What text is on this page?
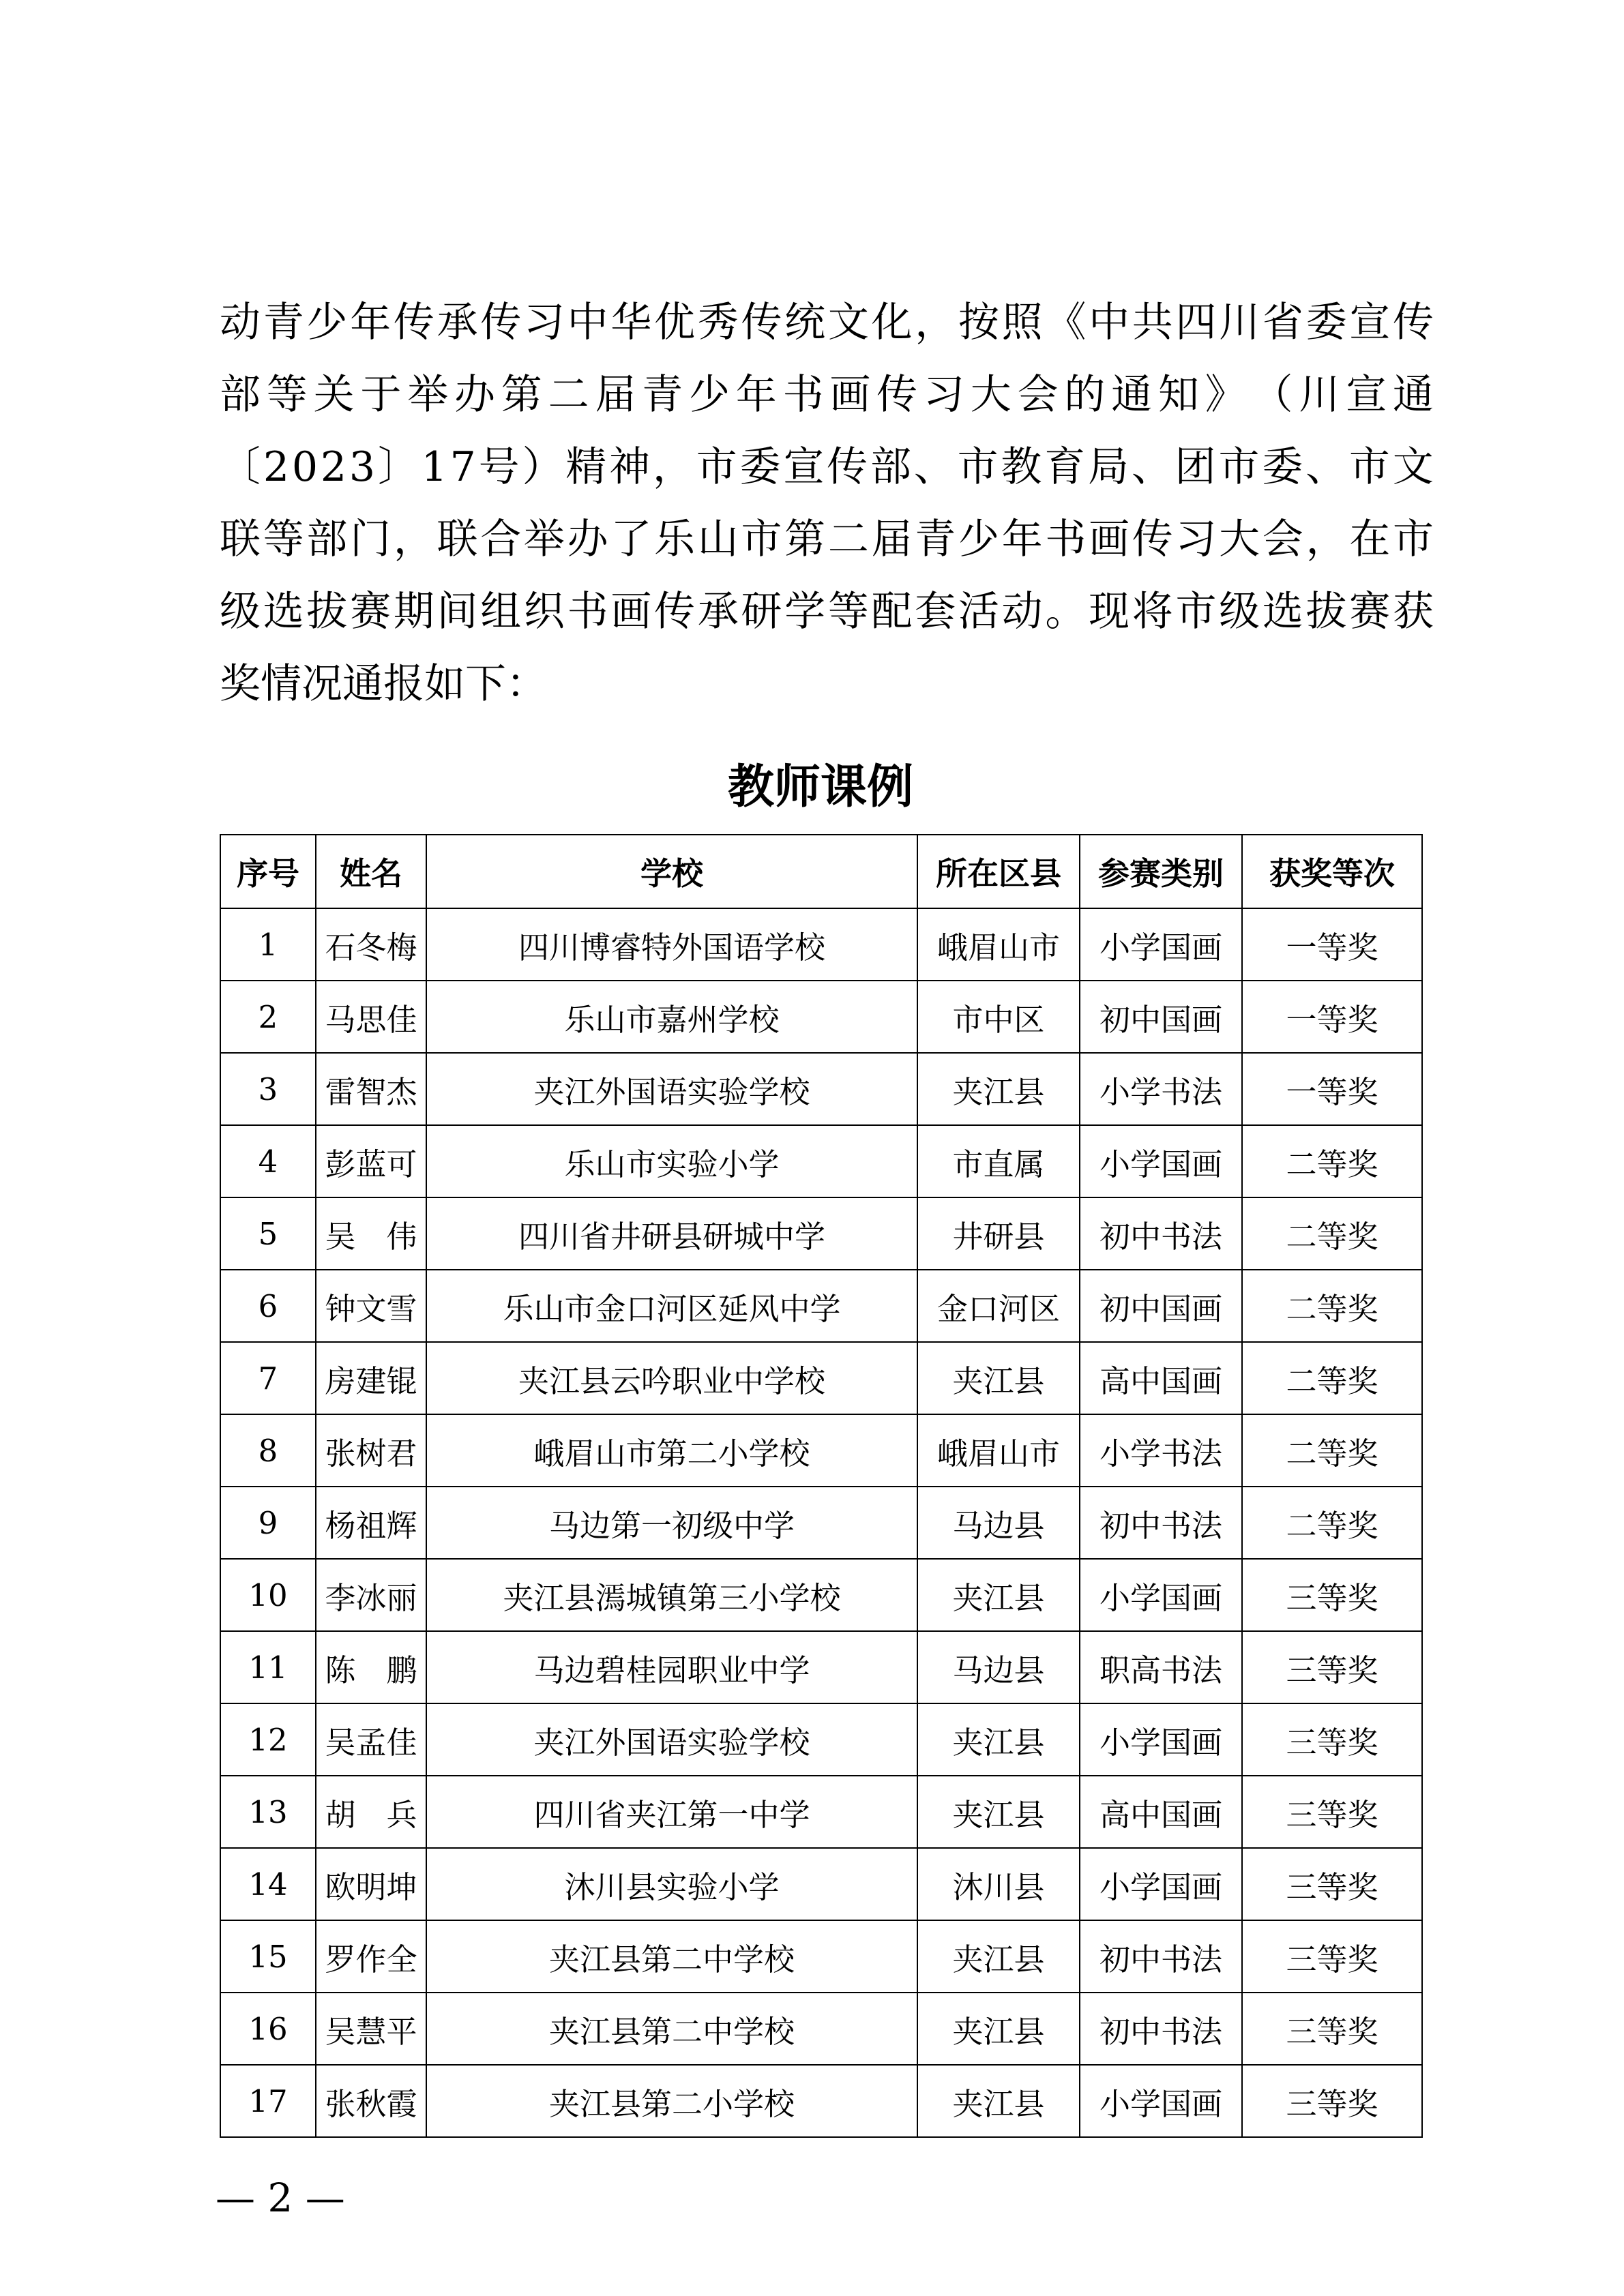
动 青 少 年 传 承 传 习 中 华 优 秀 传 统 文 化 ， 按 照 《 中 共 四 川 省 委 宣 传
部 等 关 于 举 办 第 二 届 青 少 年 书 画 传 习 大 会 的 通 知 》 （ 川 宣 通
〔 2 0 2 3 〕 1 7 号 ） 精 神 ， 市 委 宣 传 部 、 市 教 育 局 、 团 市 委 、 市 文
联 等 部 门 ， 联 合 举 办 了 乐 山 市 第 二 届 青 少 年 书 画 传 习 大 会 ， 在 市
级 选 拔 赛 期 间 组 织 书 画 传 承 研 学 等 配 套 活 动 。 现 将 市 级 选 拔 赛 获
奖情况通报如下：
教师课例
序号	姓名	学校	所在区县	参赛类别	获奖等次
1	石冬梅	四川博睿特外国语学校	峨眉山市	小学国画	一等奖
2	马思佳	乐山市嘉州学校	市中区	初中国画	一等奖
3	雷智杰	夹江外国语实验学校	夹江县	小学书法	一等奖
4	彭蓝可	乐山市实验小学	市直属	小学国画	二等奖
5	吴　伟	四川省井研县研城中学	井研县	初中书法	二等奖
6	钟文雪	乐山市金口河区延风中学	金口河区	初中国画	二等奖
7	房建锟	夹江县云吟职业中学校	夹江县	高中国画	二等奖
8	张树君	峨眉山市第二小学校	峨眉山市	小学书法	二等奖
9	杨祖辉	马边第一初级中学	马边县	初中书法	二等奖
10	李冰丽	夹江县漹城镇第三小学校	夹江县	小学国画	三等奖
11	陈　鹏	马边碧桂园职业中学	马边县	职高书法	三等奖
12	吴孟佳	夹江外国语实验学校	夹江县	小学国画	三等奖
13	胡　兵	四川省夹江第一中学	夹江县	高中国画	三等奖
14	欧明坤	沐川县实验小学	沐川县	小学国画	三等奖
15	罗作全	夹江县第二中学校	夹江县	初中书法	三等奖
16	吴慧平	夹江县第二中学校	夹江县	初中书法	三等奖
17	张秋霞	夹江县第二小学校	夹江县	小学国画	三等奖
— 2 —
